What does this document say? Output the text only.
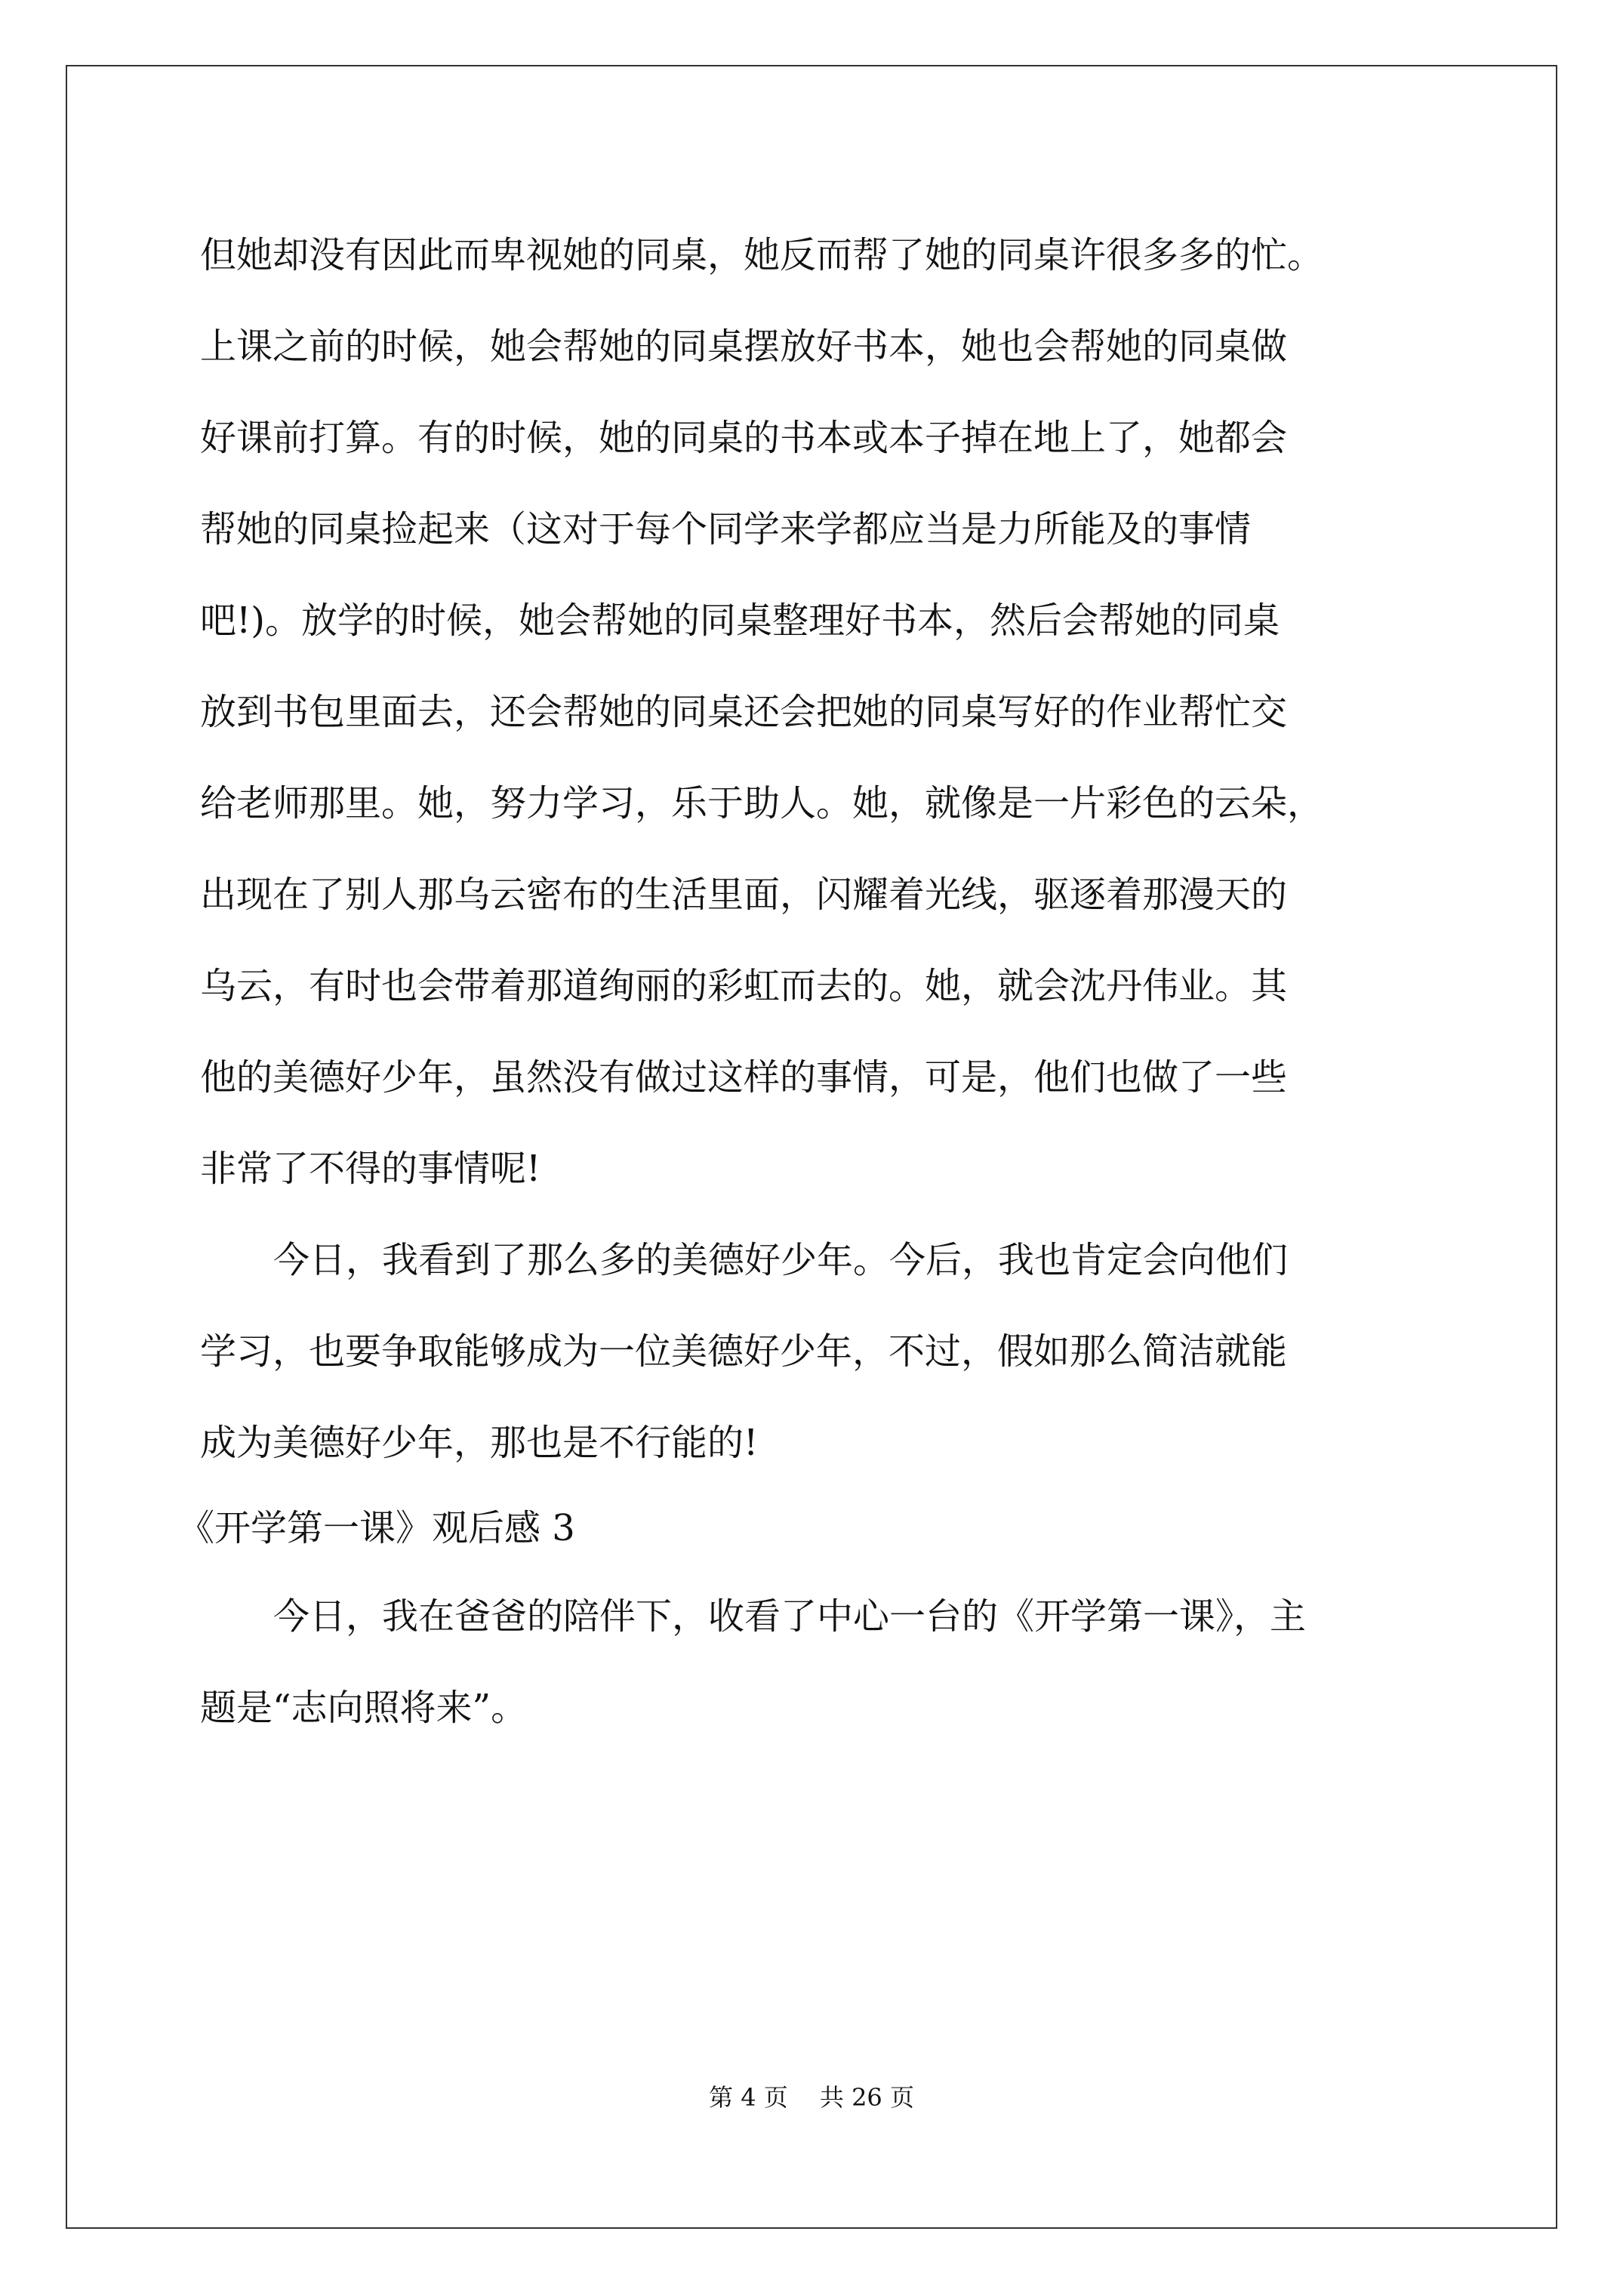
但她却没有因此而卑视她的同桌，她反而帮了她的同桌许很多多的忙。
上课之前的时候，她会帮她的同桌摆放好书本，她也会帮她的同桌做
好课前打算。有的时候，她的同桌的书本或本子掉在地上了，她都会
帮她的同桌捡起来（这对于每个同学来学都应当是力所能及的事情
吧!)。放学的时候，她会帮她的同桌整理好书本，然后会帮她的同桌
放到书包里面去，还会帮她的同桌还会把她的同桌写好的作业帮忙交
给老师那里。她，努力学习，乐于助人。她，就像是一片彩色的云朵，
出现在了别人那乌云密布的生活里面，闪耀着光线，驱逐着那漫天的
乌云，有时也会带着那道绚丽的彩虹而去的。她，就会沈丹伟业。其
他的美德好少年，虽然没有做过这样的事情，可是，他们也做了一些
非常了不得的事情呢!
今日，我看到了那么多的美德好少年。今后，我也肯定会向他们
学习，也要争取能够成为一位美德好少年，不过，假如那么简洁就能
成为美德好少年，那也是不行能的!
《开学第一课》观后感 3
今日，我在爸爸的陪伴下，收看了中心一台的《开学第一课》，主
题是“志向照将来”。
第 4 页　 共 26 页
